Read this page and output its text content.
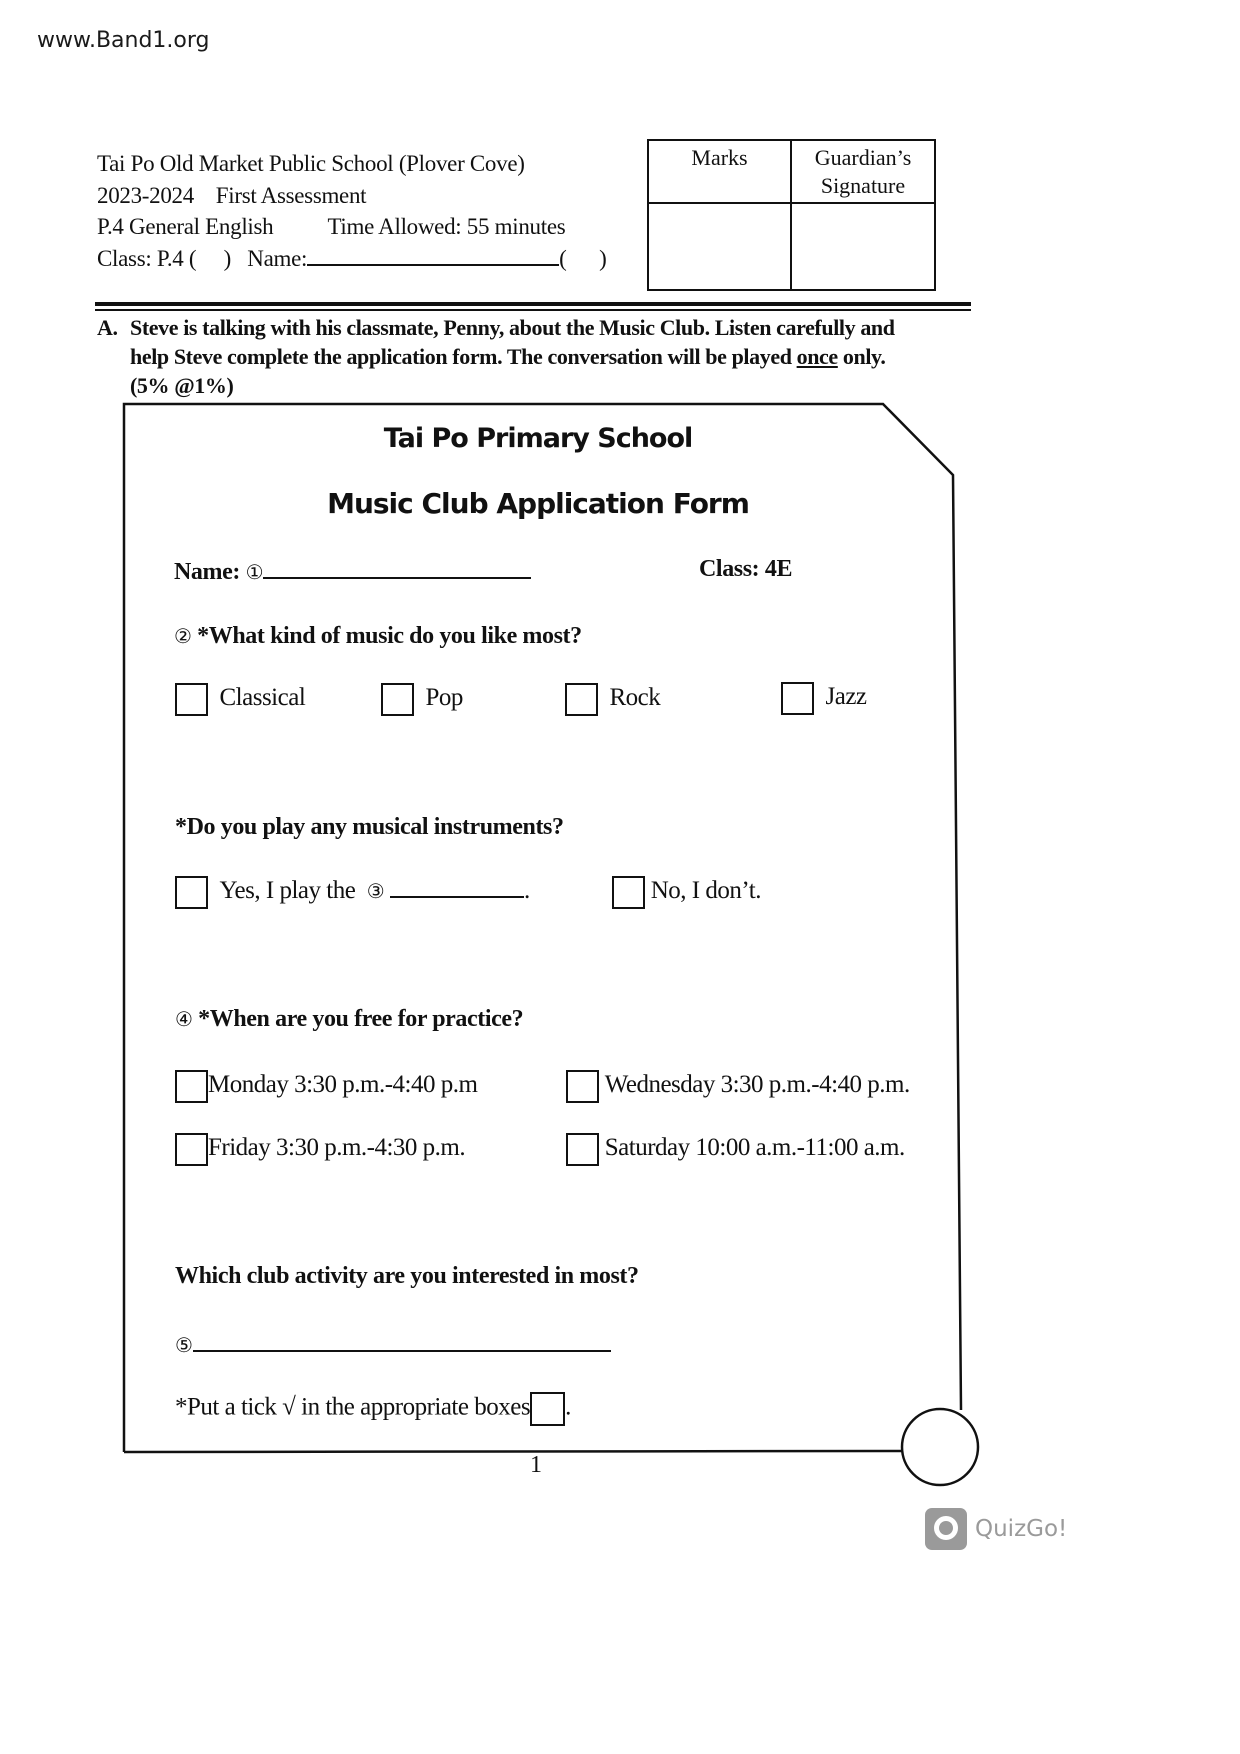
www.Band1.org
Tai Po Old Market Public School (Plover Cove)
2023-2024 First Assessment
P.4 General English Time Allowed: 55 minutes
Class: P.4 ( ) Name:	( )
Marks	Guardian’s Signature
A. Steve is talking with his classmate, Penny, about the Music Club. Listen carefully and
help Steve complete the application form. The conversation will be played once only.
(5% @1%)
Tai Po Primary School
Music Club Application Form
Name: ①	Class: 4E
② *What kind of music do you like most?
Classical	Pop	Rock	Jazz
*Do you play any musical instruments?
Yes, I play the ③	.	No, I don’t.
④ *When are you free for practice?
Monday 3:30 p.m.-4:40 p.m	Wednesday 3:30 p.m.-4:40 p.m.
Friday 3:30 p.m.-4:30 p.m.	Saturday 10:00 a.m.-11:00 a.m.
Which club activity are you interested in most?
⑤
*Put a tick √ in the appropriate boxes .
1
QuizGo!
